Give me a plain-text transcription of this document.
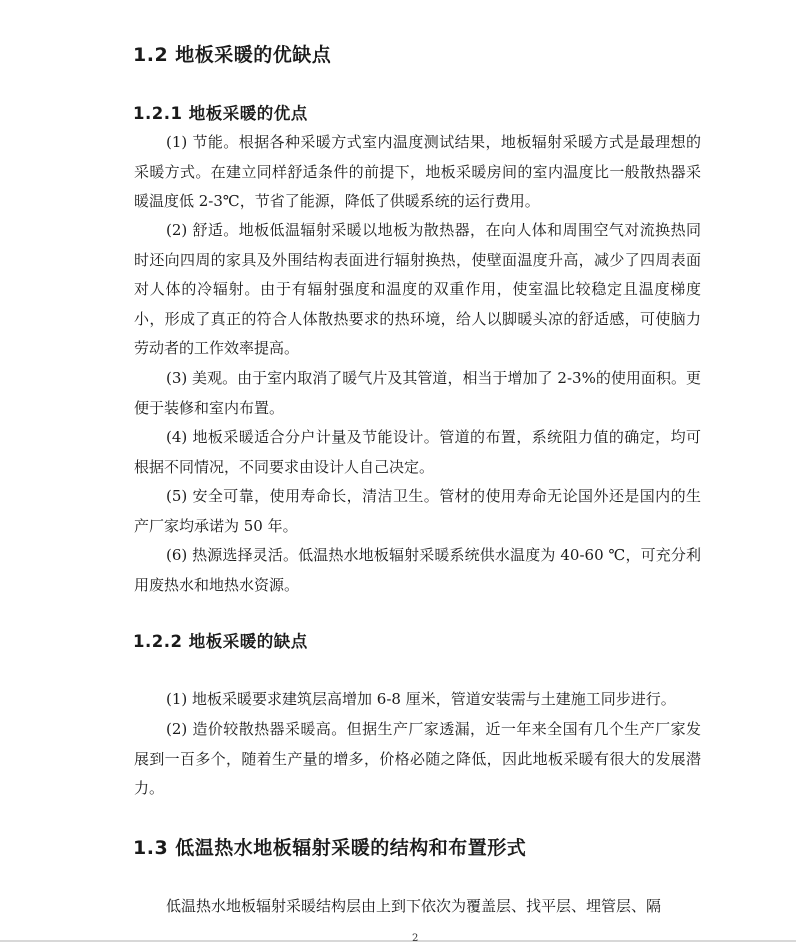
1.2 地板采暖的优缺点
1.2.1 地板采暖的优点

(1) 节能。根据各种采暖方式室内温度测试结果，地板辐射采暖方式是最理想的采暖方式。在建立同样舒适条件的前提下，地板采暖房间的室内温度比一般散热器采暖温度低 2-3℃，节省了能源，降低了供暖系统的运行费用。

(2) 舒适。地板低温辐射采暖以地板为散热器，在向人体和周围空气对流换热同时还向四周的家具及外围结构表面进行辐射换热，使壁面温度升高，减少了四周表面对人体的冷辐射。由于有辐射强度和温度的双重作用，使室温比较稳定且温度梯度小，形成了真正的符合人体散热要求的热环境，给人以脚暖头凉的舒适感，可使脑力劳动者的工作效率提高。

(3) 美观。由于室内取消了暖气片及其管道，相当于增加了 2-3%的使用面积。更便于装修和室内布置。

(4) 地板采暖适合分户计量及节能设计。管道的布置，系统阻力值的确定，均可根据不同情况，不同要求由设计人自己决定。

(5) 安全可靠，使用寿命长，清洁卫生。管材的使用寿命无论国外还是国内的生产厂家均承诺为 50 年。

(6) 热源选择灵活。低温热水地板辐射采暖系统供水温度为 40-60 ℃，可充分利用废热水和地热水资源。

1.2.2 地板采暖的缺点

(1) 地板采暖要求建筑层高增加 6-8 厘米，管道安装需与土建施工同步进行。

(2) 造价较散热器采暖高。但据生产厂家透漏，近一年来全国有几个生产厂家发展到一百多个，随着生产量的增多，价格必随之降低，因此地板采暖有很大的发展潜力。

1.3 低温热水地板辐射采暖的结构和布置形式

低温热水地板辐射采暖结构层由上到下依次为覆盖层、找平层、埋管层、隔

2
